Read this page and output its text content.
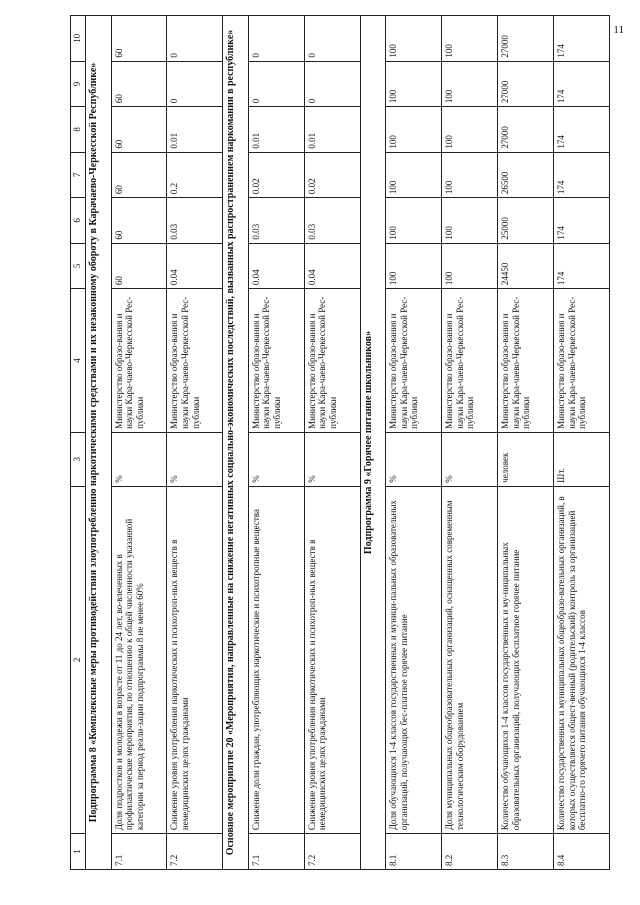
11
1	2	3	4	5	6	7	8	9	10
Подпрограмма 8 «Комплексные меры противодействия злоупотреблению наркотическими средствами и их незаконному обороту в Карачаево-Черкесской Республике»									
7.1	Доля подростков и молодежи в возрасте от 11 до 24 лет, во-влеченных в профилактические мероприятия, по отношению к общей численности указанной категории за период реали-зации подпрограммы 8 не менее 60%	%	Министерство образо-вания и науки Кара-чаево-Черкесской Рес-публики	60	60	60	60	60	60
7.2	Снижение уровня употребления наркотических и психотроп-ных веществ в немедицинских целях гражданами	%	Министерство образо-вания и науки Кара-чаево-Черкесской Рес-публики	0.04	0.03	0.2	0.01	0	0
Основное мероприятие 20 «Мероприятия, направленные на снижение негативных социально-экономических последствий, вызванных распространением наркомании в республике»									
7.1	Снижение доли граждан, употребляющих наркотические и психотропные вещества	%	Министерство образо-вания и науки Кара-чаево-Черкесской Рес-публики	0.04	0.03	0.02	0.01	0	0
7.2	Снижение уровня употребления наркотических и психотроп-ных веществ в немедицинских целях гражданами	%	Министерство образо-вания и науки Кара-чаево-Черкесской Рес-публики	0.04	0.03	0.02	0.01	0	0
Подпрограмма 9 «Горячее питание школьников»									
8.1	Доля обучающихся 1-4 классов государственных и муници-пальных образовательных организаций, получающих бес-платное горячее питание	%	Министерство образо-вания и науки Кара-чаево-Черкесской Рес-публики	100	100	100	100	100	100
8.2	Доля муниципальных общеобразовательных организаций, оснащенных современным технологическим оборудованием	%	Министерство образо-вания и науки Кара-чаево-Черкесской Рес-публики	100	100	100	100	100	100
8.3	Количество обучающихся 1-4 классов государственных и му-ниципальных образовательных организаций, получающих бесплатное горячее питание	человек	Министерство образо-вания и науки Кара-чаево-Черкесской Рес-публики	24450	25000	26500	27000	27000	27000
8.4	Количество государственных и муниципальных общеобразо-вательных организаций, в которых осуществляется общест-венный (родительский) контроль за организацией бесплатно-го горячего питания обучающихся 1-4 классов	Шт.	Министерство образо-вания и науки Кара-чаево-Черкесской Рес-публики	174	174	174	174	174	174
